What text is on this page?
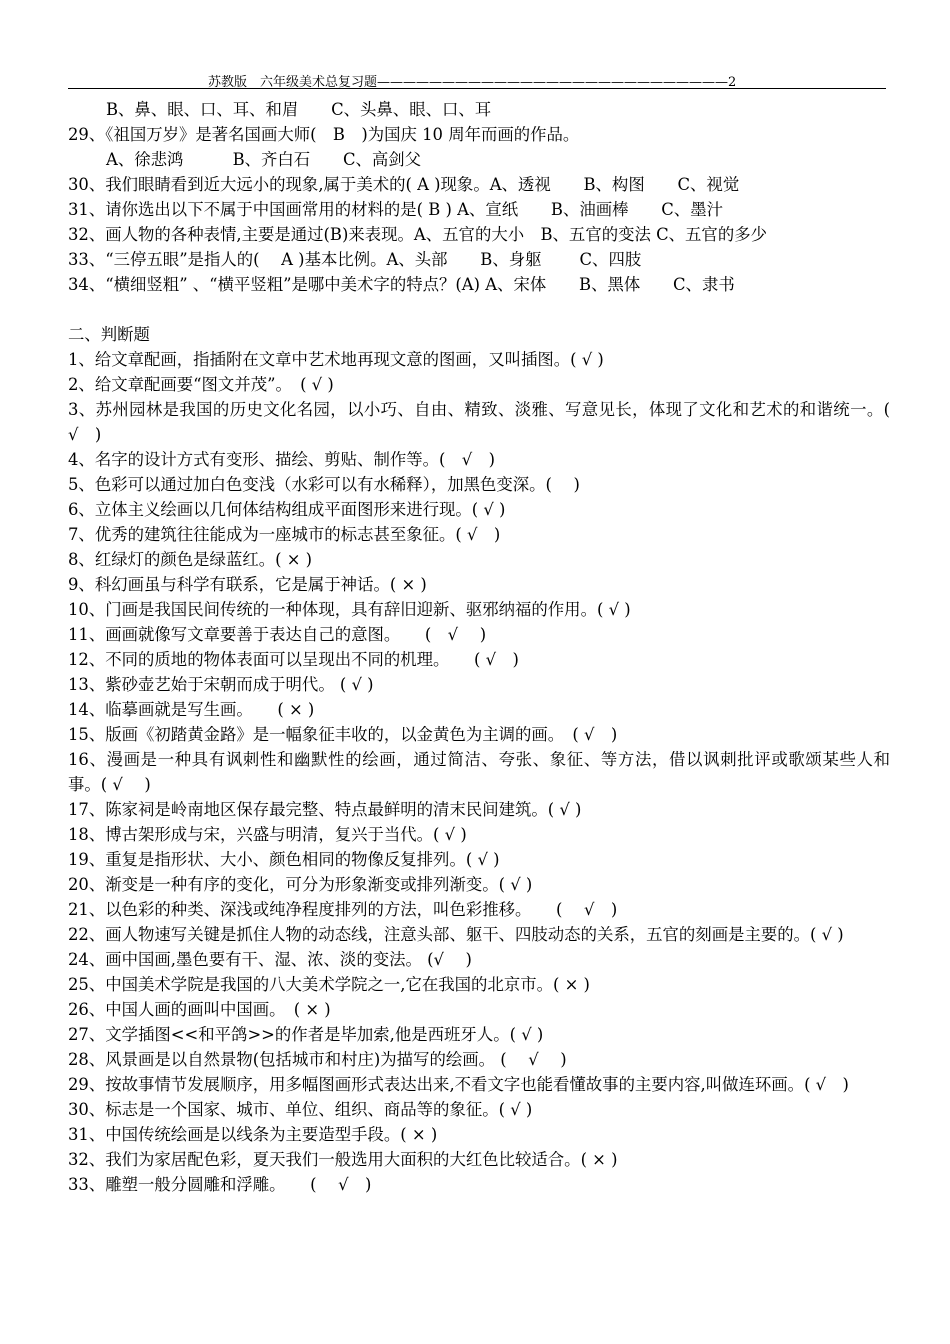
苏教版　六年级美术总复习题———————————————————————————2
B、鼻、眼、口、耳、和眉　　C、头鼻、眼、口、耳
29、《祖国万岁》是著名国画大师(　B　)为国庆 10 周年而画的作品。
A、徐悲鸿　　　B、齐白石　　C、高剑父
30、我们眼睛看到近大远小的现象,属于美术的( A )现象。A、透视　　B、构图　　C、视觉
31、请你选出以下不属于中国画常用的材料的是( B ) A、宣纸　　B、油画棒　　C、墨汁
32、画人物的各种表情,主要是通过(B)来表现。A、五官的大小　B、五官的变法 C、五官的多少
33、“三停五眼”是指人的(　 A )基本比例。A、头部　　B、身躯　　 C、四肢
34、“横细竖粗” 、“横平竖粗”是哪中美术字的特点？(A) A、宋体　　B、黑体　　C、隶书
二、判断题
1、给文章配画，指插附在文章中艺术地再现文意的图画，又叫插图。( √ )
2、给文章配画要“图文并茂”。　( √ )
3、苏州园林是我国的历史文化名园，以小巧、自由、精致、淡雅、写意见长，体现了文化和艺术的和谐统一。( √　)
4、名字的设计方式有变形、描绘、剪贴、制作等。(　√　)
5、色彩可以通过加白色变浅（水彩可以有水稀释），加黑色变深。(　 )
6、立体主义绘画以几何体结构组成平面图形来进行现。( √ )
7、优秀的建筑往往能成为一座城市的标志甚至象征。( √　)
8、红绿灯的颜色是绿蓝红。( × )
9、科幻画虽与科学有联系，它是属于神话。( × )
10、门画是我国民间传统的一种体现，具有辞旧迎新、驱邪纳福的作用。( √ )
11、画画就像写文章要善于表达自己的意图。　　(　√　 )
12、不同的质地的物体表面可以呈现出不同的机理。　　( √　)
13、紫砂壶艺始于宋朝而成于明代。 ( √ )
14、临摹画就是写生画。　　( × )
15、版画《初踏黄金路》是一幅象征丰收的，以金黄色为主调的画。　( √　)
16、漫画是一种具有讽刺性和幽默性的绘画，通过简洁、夸张、象征、等方法，借以讽刺批评或歌颂某些人和事。( √　 )
17、陈家祠是岭南地区保存最完整、特点最鲜明的清末民间建筑。( √ )
18、博古架形成与宋，兴盛与明清，复兴于当代。( √ )
19、重复是指形状、大小、颜色相同的物像反复排列。( √ )
20、渐变是一种有序的变化，可分为形象渐变或排列渐变。( √ )
21、以色彩的种类、深浅或纯净程度排列的方法，叫色彩推移。　　(　 √　)
22、画人物速写关键是抓住人物的动态线，注意头部、躯干、四肢动态的关系，五官的刻画是主要的。( √ )
24、画中国画,墨色要有干、湿、浓、淡的变法。 (√　 )
25、中国美术学院是我国的八大美术学院之一,它在我国的北京市。( × )
26、中国人画的画叫中国画。　( × )
27、文学插图<<和平鸽>>的作者是毕加索,他是西班牙人。( √ )
28、风景画是以自然景物(包括城市和村庄)为描写的绘画。 (　 √　 )
29、按故事情节发展顺序，用多幅图画形式表达出来,不看文字也能看懂故事的主要内容,叫做连环画。( √　)
30、标志是一个国家、城市、单位、组织、商品等的象征。( √ )
31、中国传统绘画是以线条为主要造型手段。( × )
32、我们为家居配色彩，夏天我们一般选用大面积的大红色比较适合。( × )
33、雕塑一般分圆雕和浮雕。　　(　 √　)
